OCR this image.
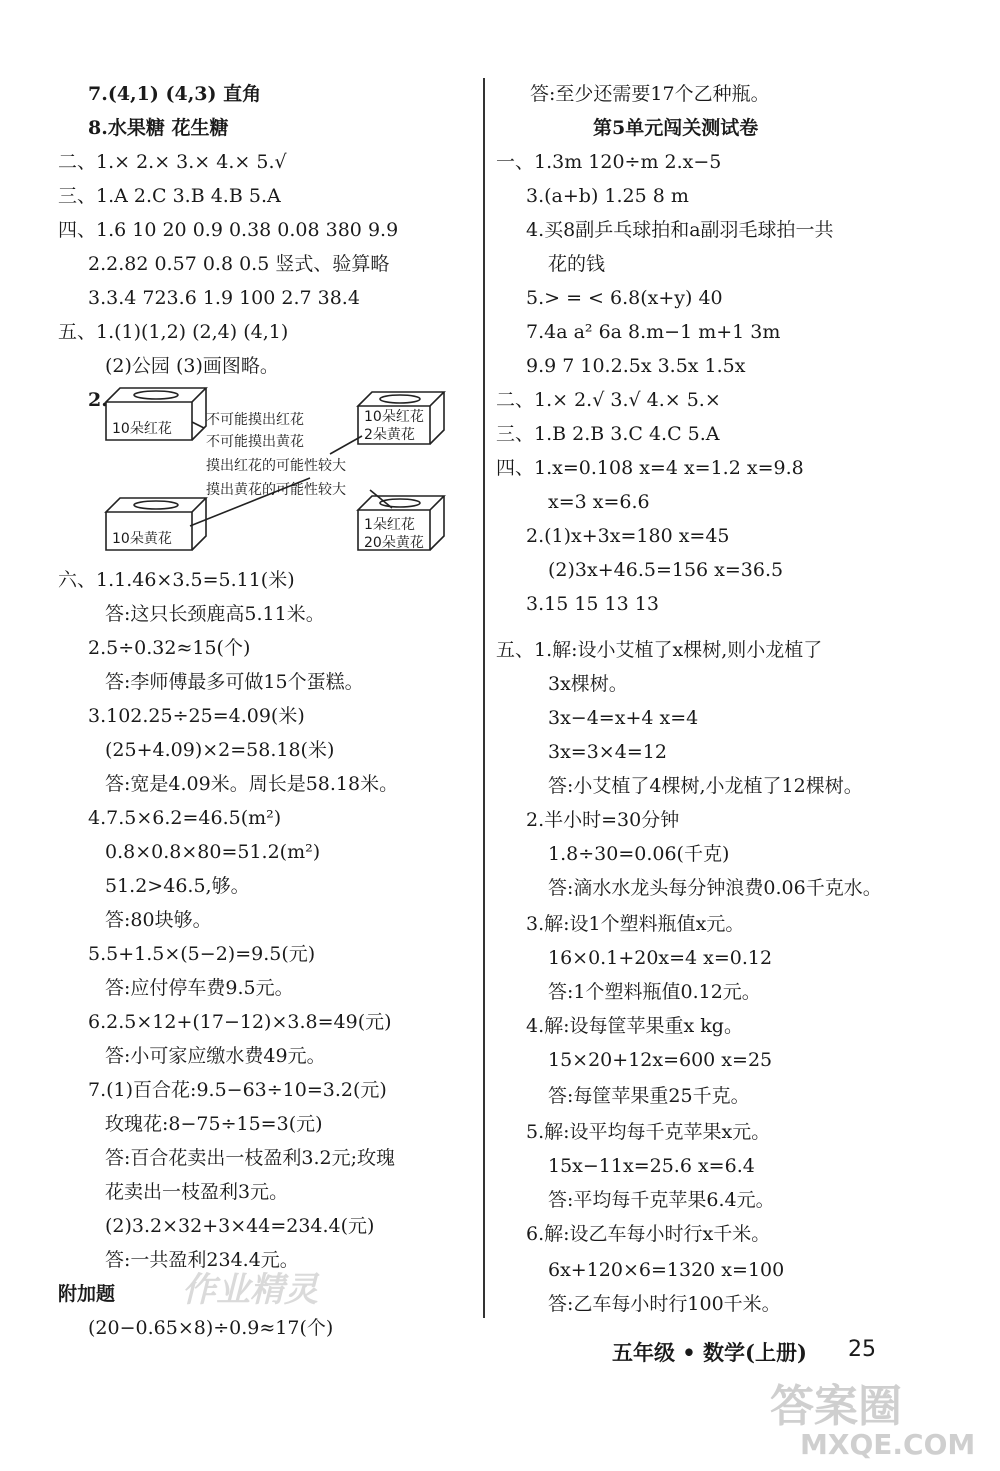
7.(4,1) (4,3) 直角
8.水果糖 花生糖
二、1.× 2.× 3.× 4.× 5.√
三、1.A 2.C 3.B 4.B 5.A
四、1.6 10 20 0.9 0.38 0.08 380 9.9
2.2.82 0.57 0.8 0.5 竖式、验算略
3.3.4 723.6 1.9 100 2.7 38.4
五、1.(1)(1,2) (2,4) (4,1)
(2)公园 (3)画图略。
2.
10朵红花
10朵黄花
10朵红花
2朵黄花
1朵红花
20朵黄花
不可能摸出红花
不可能摸出黄花
摸出红花的可能性较大
摸出黄花的可能性较大
六、1.1.46×3.5=5.11(米)
答:这只长颈鹿高5.11米。
2.5÷0.32≈15(个)
答:李师傅最多可做15个蛋糕。
3.102.25÷25=4.09(米)
(25+4.09)×2=58.18(米)
答:宽是4.09米。周长是58.18米。
4.7.5×6.2=46.5(m²)
0.8×0.8×80=51.2(m²)
51.2>46.5,够。
答:80块够。
5.5+1.5×(5−2)=9.5(元)
答:应付停车费9.5元。
6.2.5×12+(17−12)×3.8=49(元)
答:小可家应缴水费49元。
7.(1)百合花:9.5−63÷10=3.2(元)
玫瑰花:8−75÷15=3(元)
答:百合花卖出一枝盈利3.2元;玫瑰
花卖出一枝盈利3元。
(2)3.2×32+3×44=234.4(元)
答:一共盈利234.4元。
附加题
(20−0.65×8)÷0.9≈17(个)
答:至少还需要17个乙种瓶。
第5单元闯关测试卷
一、1.3m 120÷m 2.x−5
3.(a+b) 1.25 8 m
4.买8副乒乓球拍和a副羽毛球拍一共
花的钱
5.> = < 6.8(x+y) 40
7.4a a² 6a 8.m−1 m+1 3m
9.9 7 10.2.5x 3.5x 1.5x
二、1.× 2.√ 3.√ 4.× 5.×
三、1.B 2.B 3.C 4.C 5.A
四、1.x=0.108 x=4 x=1.2 x=9.8
x=3 x=6.6
2.(1)x+3x=180 x=45
(2)3x+46.5=156 x=36.5
3.15 15 13 13
五、1.解:设小艾植了x棵树,则小龙植了
3x棵树。
3x−4=x+4 x=4
3x=3×4=12
答:小艾植了4棵树,小龙植了12棵树。
2.半小时=30分钟
1.8÷30=0.06(千克)
答:滴水水龙头每分钟浪费0.06千克水。
3.解:设1个塑料瓶值x元。
16×0.1+20x=4 x=0.12
答:1个塑料瓶值0.12元。
4.解:设每筐苹果重x kg。
15×20+12x=600 x=25
答:每筐苹果重25千克。
5.解:设平均每千克苹果x元。
15x−11x=25.6 x=6.4
答:平均每千克苹果6.4元。
6.解:设乙车每小时行x千米。
6x+120×6=1320 x=100
答:乙车每小时行100千米。
五年级 • 数学(上册) 25
答案圈
MXQE.COM
作业精灵
